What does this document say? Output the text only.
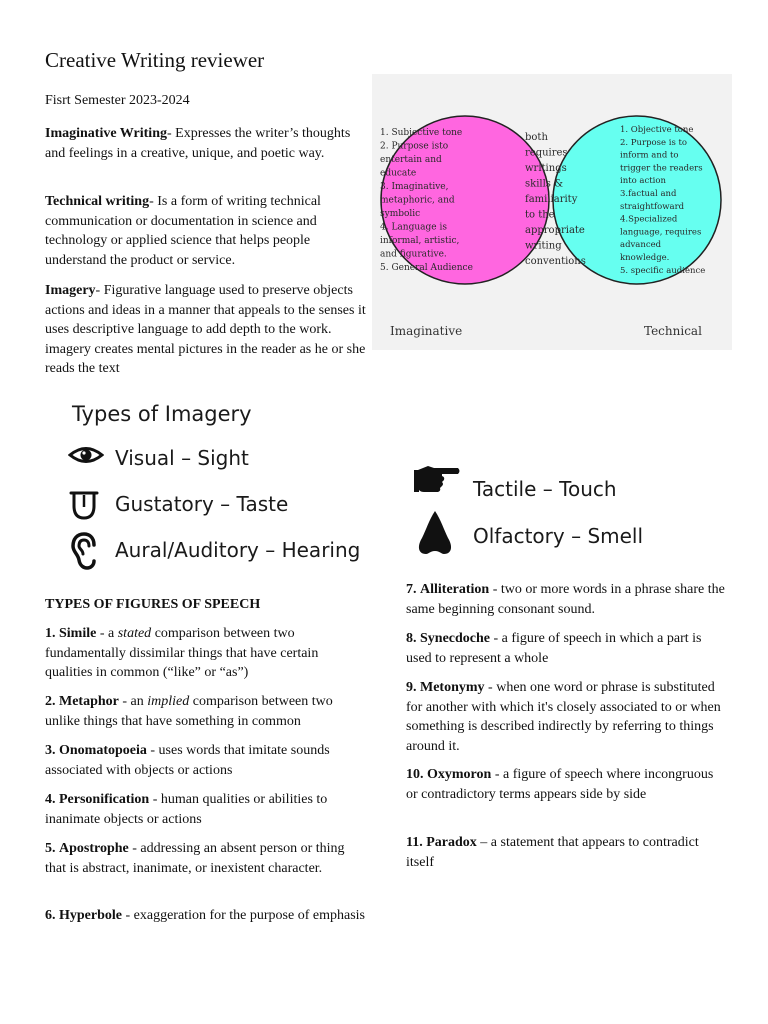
Creative Writing reviewer
Fisrt Semester 2023-2024
Imaginative Writing- Expresses the writer’s thoughts and feelings in a creative, unique, and poetic way.
Technical writing- Is a form of writing technical communication or documentation in science and technology or applied science that helps people understand the product or service.
Imagery- Figurative language used to preserve objects actions and ideas in a manner that appeals to the senses it uses descriptive language to add depth to the work. imagery creates mental pictures in the reader as he or she reads the text
1. Subjective tone
2. Purpose isto
entertain and
educate
3. Imaginative,
metaphoric, and
symbolic
4. Language is
informal, artistic,
and figurative.
5. General Audience
both
requires
writings
skills &
familiarity
to the
appropriate
writing
conventions
1. Objective tone
2. Purpose is to
inform and to
trigger the readers
into action
3.factual and
straightfoward
4.Specialized
language, requires
advanced
knowledge.
5. specific audience
Imaginative	Technical
Types of Imagery
Visual – Sight
Gustatory – Taste
Aural/Auditory – Hearing
Tactile – Touch
Olfactory – Smell
TYPES OF FIGURES OF SPEECH
1. Simile - a stated comparison between two fundamentally dissimilar things that have certain qualities in common (“like” or “as”)
2. Metaphor - an implied comparison between two unlike things that have something in common
3. Onomatopoeia - uses words that imitate sounds associated with objects or actions
4. Personification - human qualities or abilities to inanimate objects or actions
5. Apostrophe - addressing an absent person or thing that is abstract, inanimate, or inexistent character.
6. Hyperbole - exaggeration for the purpose of emphasis
7. Alliteration - two or more words in a phrase share the same beginning consonant sound.
8. Synecdoche - a figure of speech in which a part is used to represent a whole
9. Metonymy - when one word or phrase is substituted for another with which it's closely associated to or when something is described indirectly by referring to things around it.
10. Oxymoron - a figure of speech where incongruous or contradictory terms appears side by side
11. Paradox – a statement that appears to contradict itself
